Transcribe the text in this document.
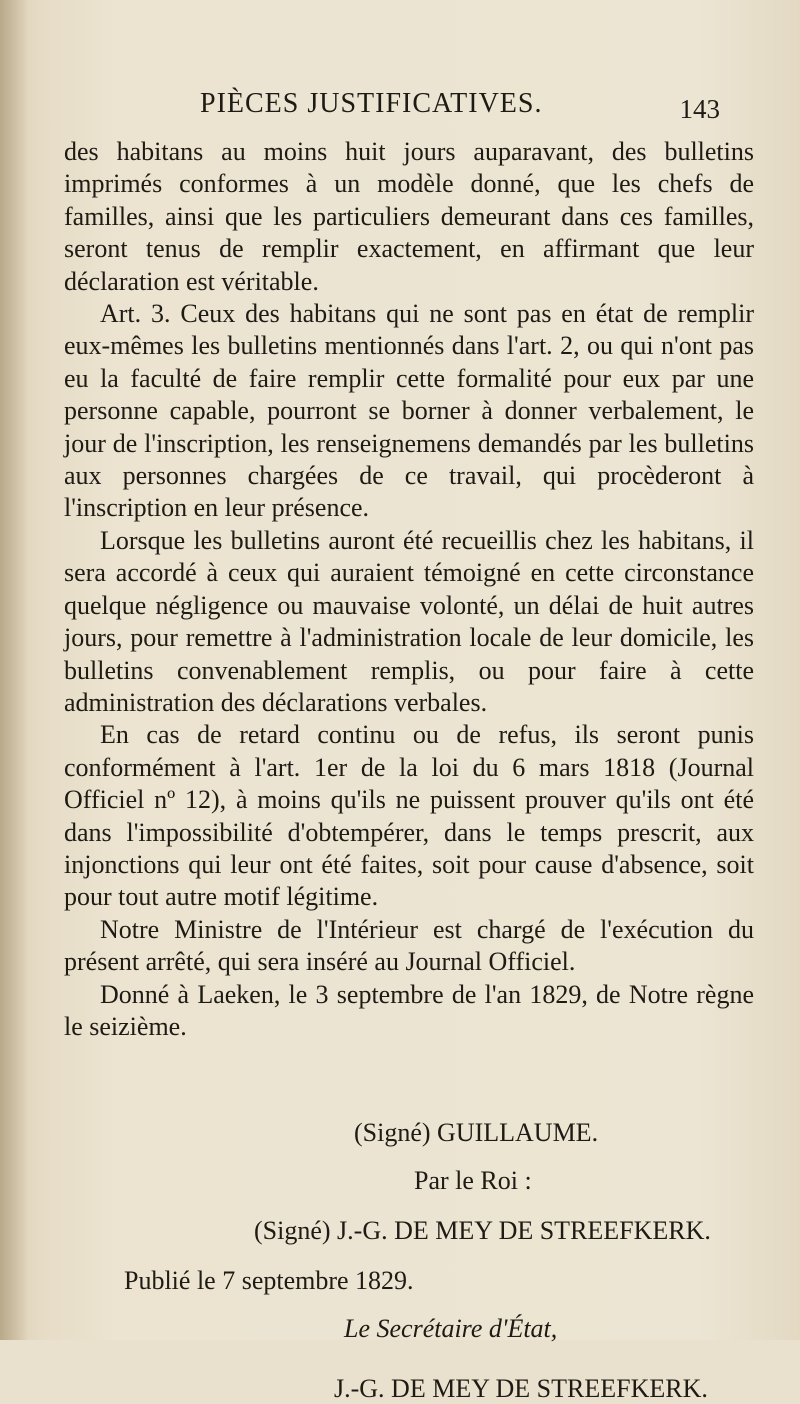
PIÈCES JUSTIFICATIVES.	143

des habitans au moins huit jours auparavant, des bulletins imprimés conformes à un modèle donné, que les chefs de familles, ainsi que les particuliers demeurant dans ces familles, seront tenus de remplir exactement, en affirmant que leur déclaration est véritable.

Art. 3. Ceux des habitans qui ne sont pas en état de remplir eux-mêmes les bulletins mentionnés dans l'art. 2, ou qui n'ont pas eu la faculté de faire remplir cette formalité pour eux par une personne capable, pourront se borner à donner verbalement, le jour de l'inscription, les renseignemens demandés par les bulletins aux personnes chargées de ce travail, qui procèderont à l'inscription en leur présence.

Lorsque les bulletins auront été recueillis chez les habitans, il sera accordé à ceux qui auraient témoigné en cette circonstance quelque négligence ou mauvaise volonté, un délai de huit autres jours, pour remettre à l'administration locale de leur domicile, les bulletins convenablement remplis, ou pour faire à cette administration des déclarations verbales.

En cas de retard continu ou de refus, ils seront punis conformément à l'art. 1er de la loi du 6 mars 1818 (Journal Officiel nº 12), à moins qu'ils ne puissent prouver qu'ils ont été dans l'impossibilité d'obtempérer, dans le temps prescrit, aux injonctions qui leur ont été faites, soit pour cause d'absence, soit pour tout autre motif légitime.

Notre Ministre de l'Intérieur est chargé de l'exécution du présent arrêté, qui sera inséré au Journal Officiel.

Donné à Laeken, le 3 septembre de l'an 1829, de Notre règne le seizième.

(Signé) GUILLAUME.
Par le Roi :
(Signé) J.-G. DE MEY DE STREEFKERK.
Publié le 7 septembre 1829.
Le Secrétaire d'État,
J.-G. DE MEY DE STREEFKERK.
